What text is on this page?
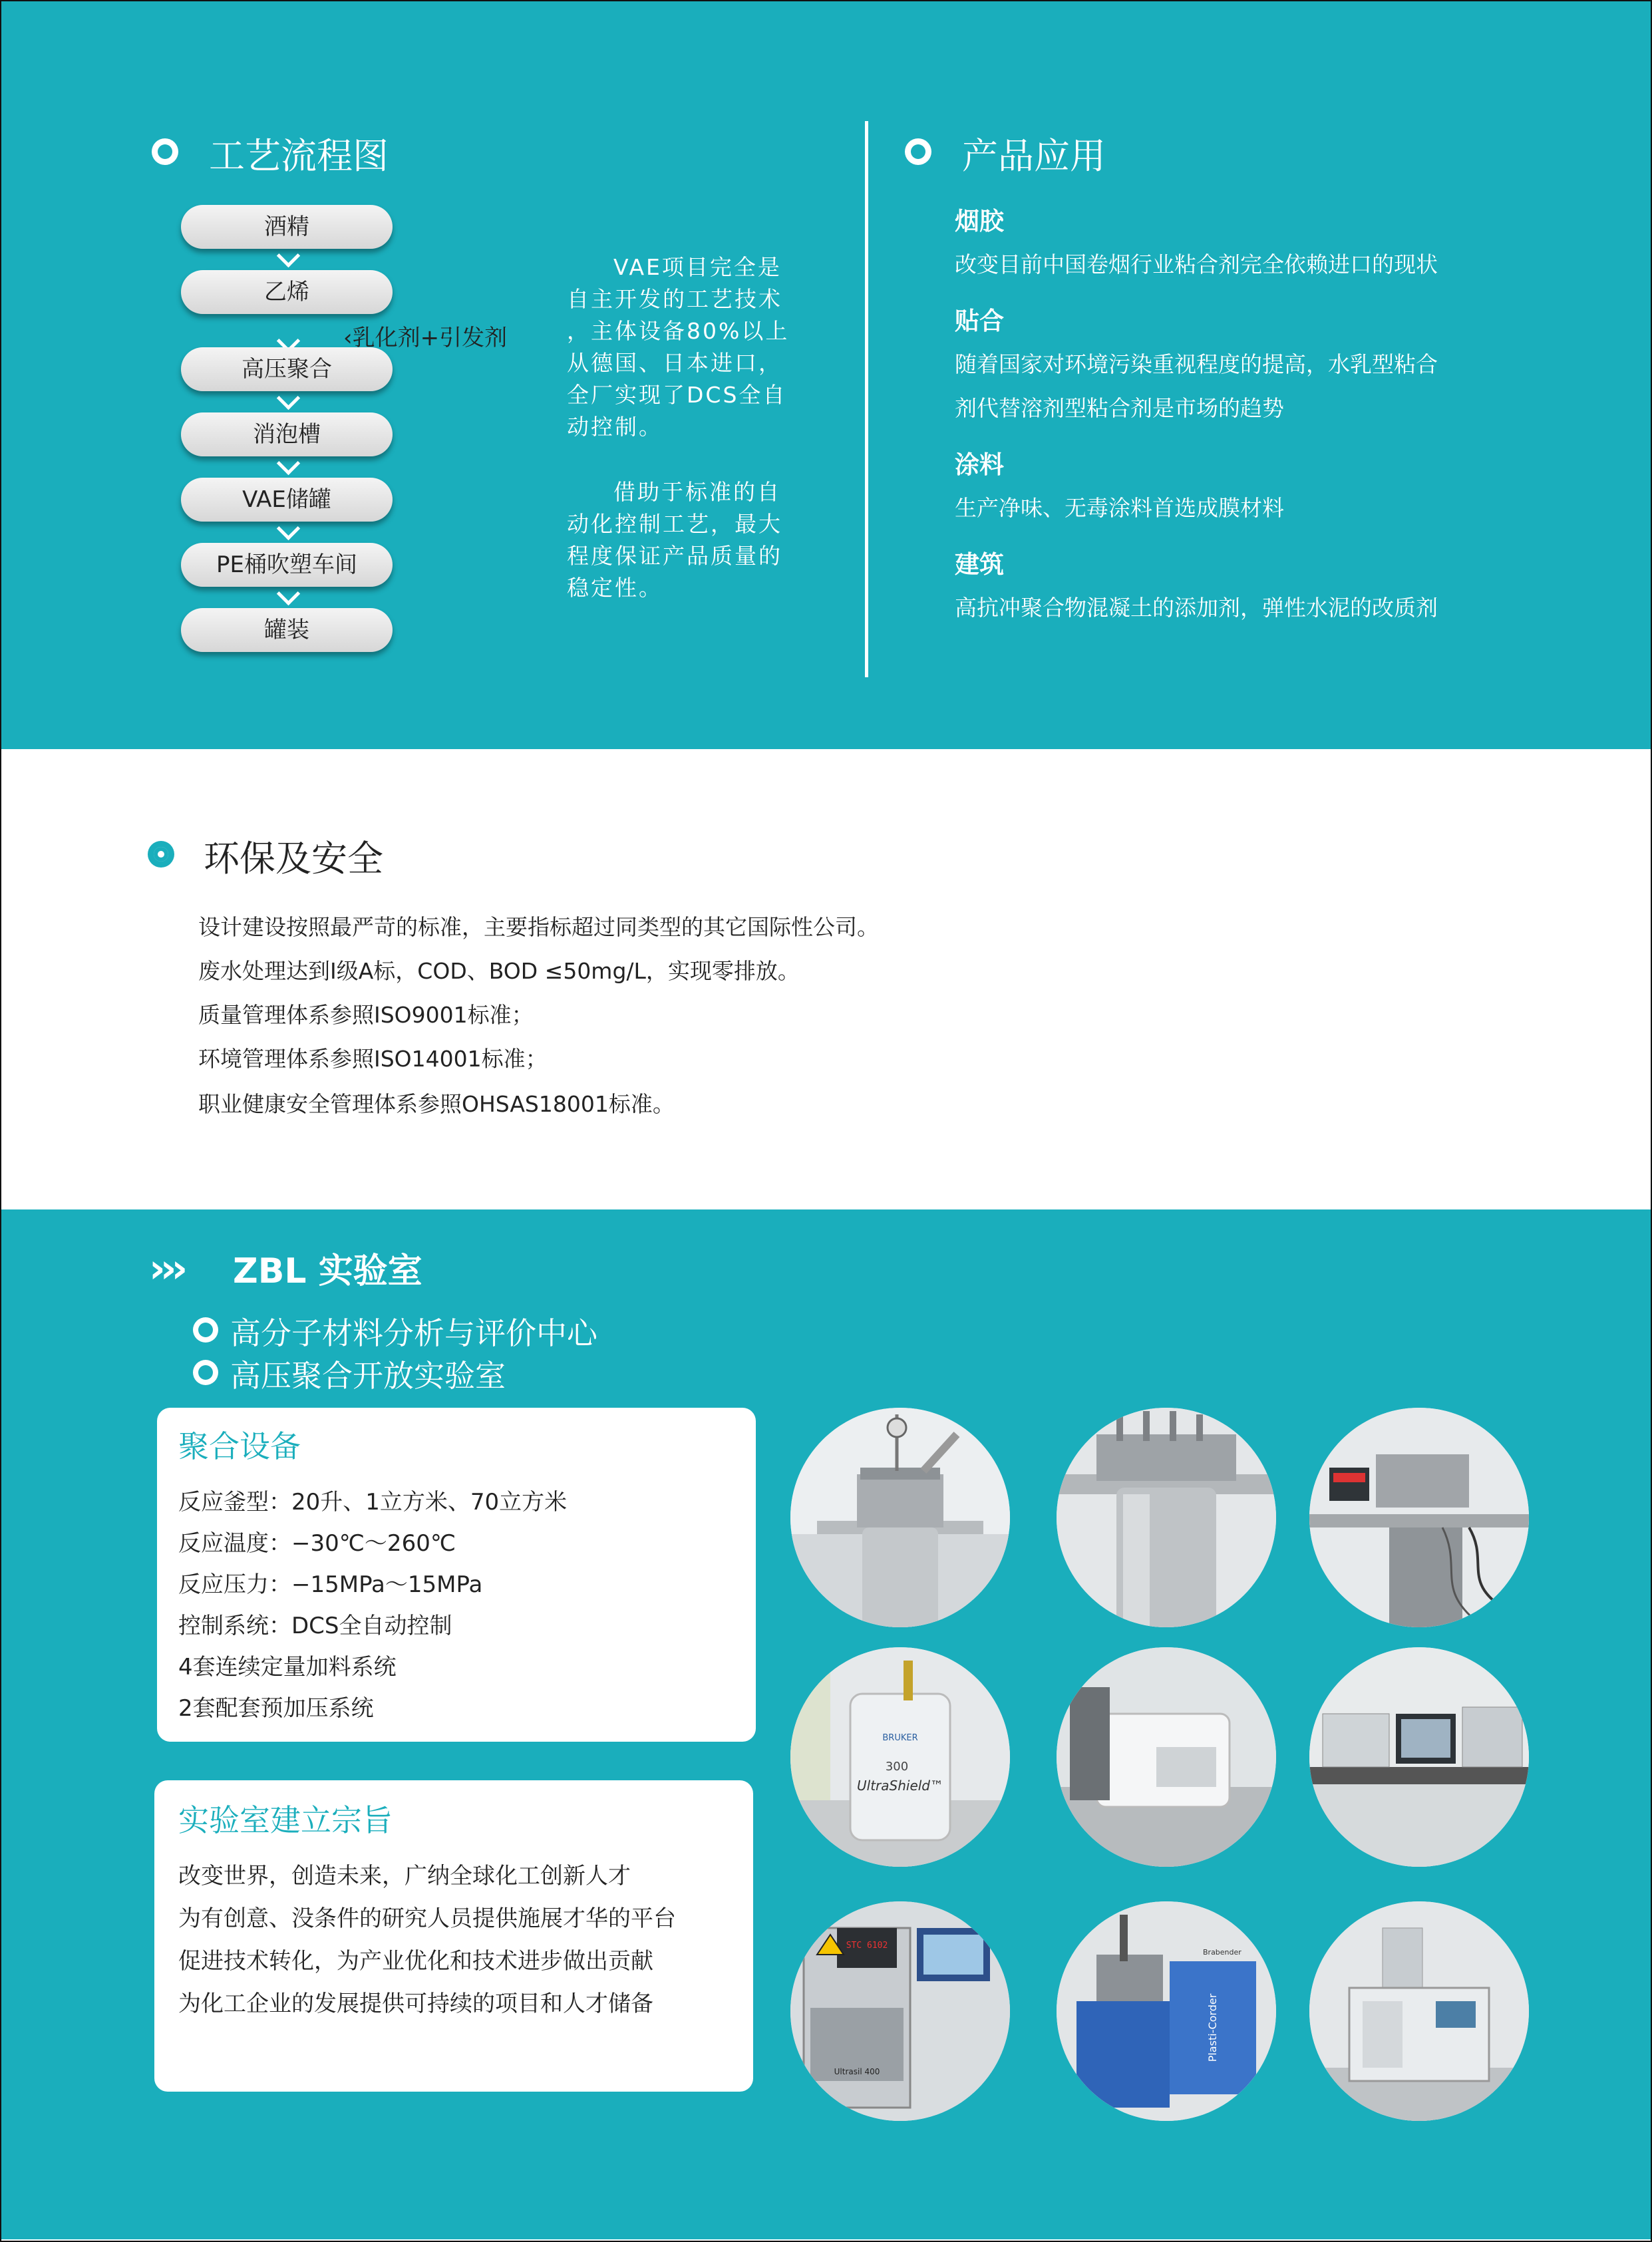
工艺流程图
酒精
乙烯
高压聚合
消泡槽
VAE储罐
PE桶吹塑车间
罐装
‹乳化剂+引发剂
VAE项目完全是
自主开发的工艺技术
，主体设备80%以上
从德国、日本进口，
全厂实现了DCS全自
动控制。
借助于标准的自
动化控制工艺，最大
程度保证产品质量的
稳定性。
产品应用
烟胶
改变目前中国卷烟行业粘合剂完全依赖进口的现状
贴合
随着国家对环境污染重视程度的提高，水乳型粘合
剂代替溶剂型粘合剂是市场的趋势
涂料
生产净味、无毒涂料首选成膜材料
建筑
高抗冲聚合物混凝土的添加剂，弹性水泥的改质剂
环保及安全
设计建设按照最严苛的标准，主要指标超过同类型的其它国际性公司。
废水处理达到Ⅰ级A标，COD、BOD ≤50mg/L，实现零排放。
质量管理体系参照ISO9001标准；
环境管理体系参照ISO14001标准；
职业健康安全管理体系参照OHSAS18001标准。
››› ZBL 实验室
高分子材料分析与评价中心
高压聚合开放实验室
聚合设备
反应釜型：20升、1立方米、70立方米
反应温度：−30℃～260℃
反应压力：−15MPa～15MPa
控制系统：DCS全自动控制
4套连续定量加料系统
2套配套预加压系统
实验室建立宗旨
改变世界，创造未来，广纳全球化工创新人才
为有创意、没条件的研究人员提供施展才华的平台
促进技术转化，为产业优化和技术进步做出贡献
为化工企业的发展提供可持续的项目和人才储备
BRUKER
300
UltraShield™
Ultrasil 400
STC 6102
Plasti-Corder
Brabender
